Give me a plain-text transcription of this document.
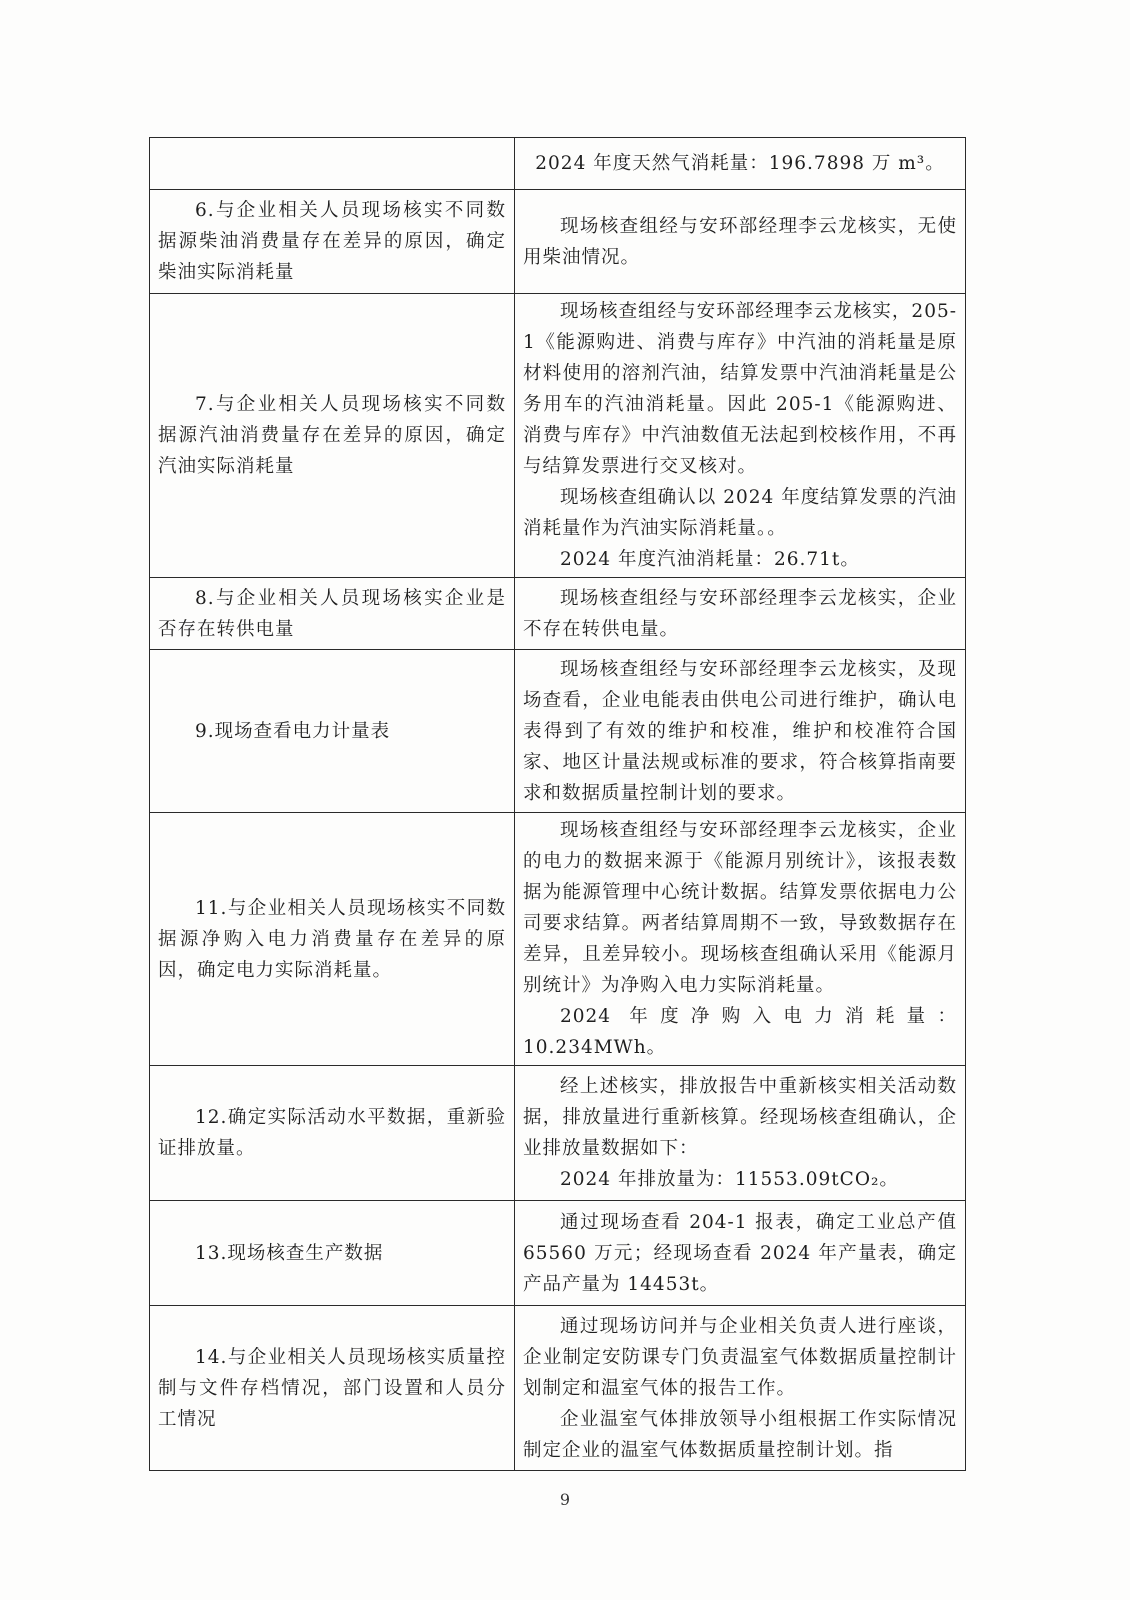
	2024 年度天然气消耗量：196.7898 万 m³。

6.与企业相关人员现场核实不同数据源柴油消费量存在差异的原因，确定柴油实际消耗量	现场核查组经与安环部经理李云龙核实，无使用柴油情况。

7.与企业相关人员现场核实不同数据源汽油消费量存在差异的原因，确定汽油实际消耗量	现场核查组经与安环部经理李云龙核实，205-1《能源购进、消费与库存》中汽油的消耗量是原材料使用的溶剂汽油，结算发票中汽油消耗量是公务用车的汽油消耗量。因此 205-1《能源购进、消费与库存》中汽油数值无法起到校核作用，不再与结算发票进行交叉核对。

现场核查组确认以 2024 年度结算发票的汽油消耗量作为汽油实际消耗量。。

2024 年度汽油消耗量：26.71t。

8.与企业相关人员现场核实企业是否存在转供电量	现场核查组经与安环部经理李云龙核实，企业不存在转供电量。

9.现场查看电力计量表	现场核查组经与安环部经理李云龙核实，及现场查看，企业电能表由供电公司进行维护，确认电表得到了有效的维护和校准，维护和校准符合国家、地区计量法规或标准的要求，符合核算指南要求和数据质量控制计划的要求。

11.与企业相关人员现场核实不同数据源净购入电力消费量存在差异的原因，确定电力实际消耗量。	现场核查组经与安环部经理李云龙核实，企业的电力的数据来源于《能源月别统计》，该报表数据为能源管理中心统计数据。结算发票依据电力公司要求结算。两者结算周期不一致，导致数据存在差异，且差异较小。现场核查组确认采用《能源月别统计》为净购入电力实际消耗量。

2024 年度净购入电力消耗量：10.234MWh。

12.确定实际活动水平数据，重新验证排放量。	经上述核实，排放报告中重新核实相关活动数据，排放量进行重新核算。经现场核查组确认，企业排放量数据如下：

2024 年排放量为：11553.09tCO₂。

13.现场核查生产数据	通过现场查看 204-1 报表，确定工业总产值 65560 万元；经现场查看 2024 年产量表，确定产品产量为 14453t。

14.与企业相关人员现场核实质量控制与文件存档情况，部门设置和人员分工情况	通过现场访问并与企业相关负责人进行座谈，企业制定安防课专门负责温室气体数据质量控制计划制定和温室气体的报告工作。

企业温室气体排放领导小组根据工作实际情况制定企业的温室气体数据质量控制计划。指

9
